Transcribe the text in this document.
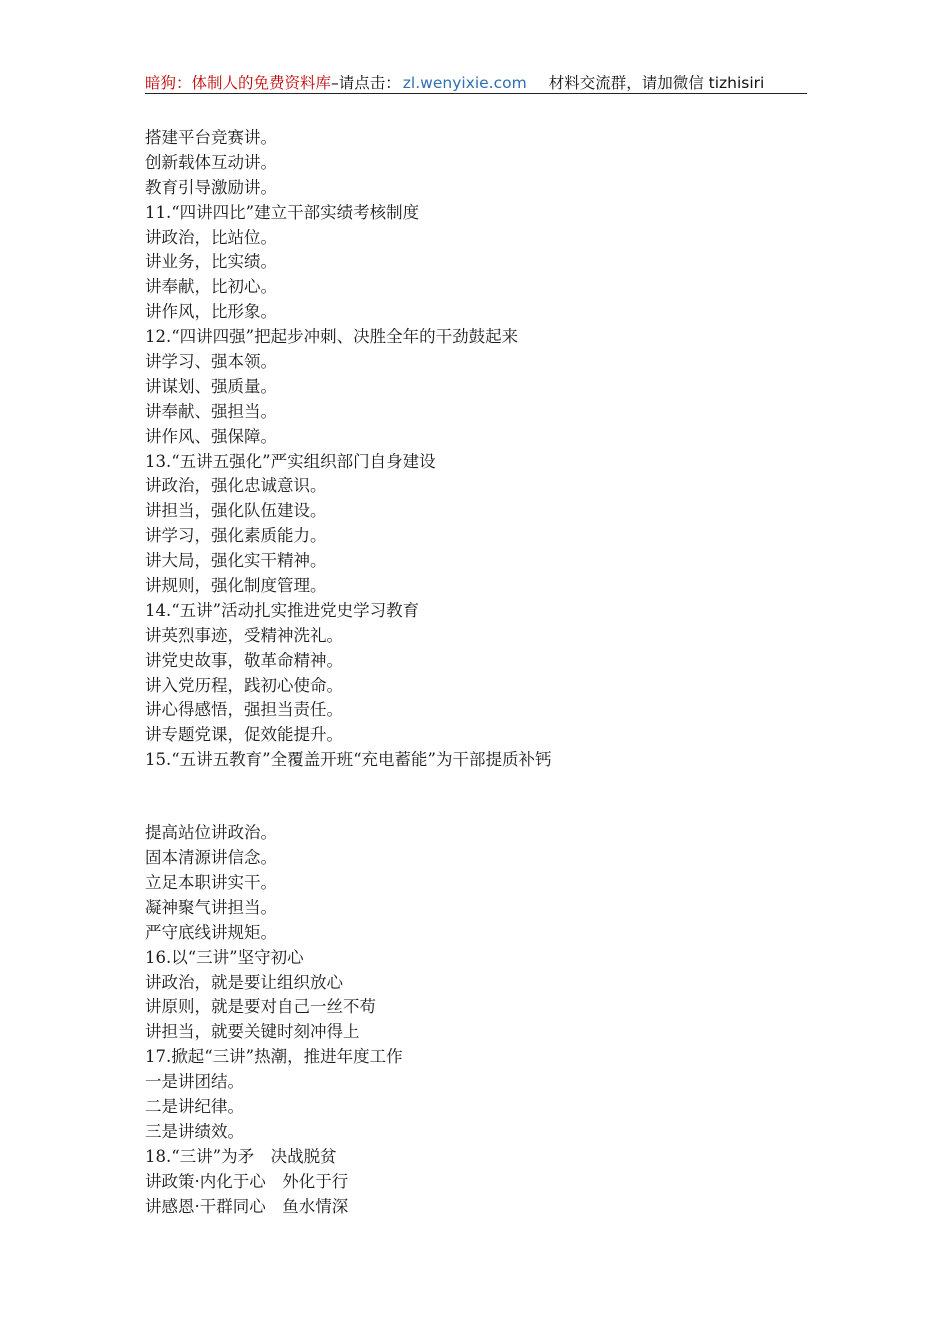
暗狗：体制人的免费资料库–请点击： zl.wenyixie.com 材料交流群，请加微信 tizhisiri
搭建平台竞赛讲。
创新载体互动讲。
教育引导激励讲。
11.“四讲四比”建立干部实绩考核制度
讲政治，比站位。
讲业务，比实绩。
讲奉献，比初心。
讲作风，比形象。
12.“四讲四强”把起步冲刺、决胜全年的干劲鼓起来
讲学习、强本领。
讲谋划、强质量。
讲奉献、强担当。
讲作风、强保障。
13.“五讲五强化”严实组织部门自身建设
讲政治，强化忠诚意识。
讲担当，强化队伍建设。
讲学习，强化素质能力。
讲大局，强化实干精神。
讲规则，强化制度管理。
14.“五讲”活动扎实推进党史学习教育
讲英烈事迹，受精神洗礼。
讲党史故事，敬革命精神。
讲入党历程，践初心使命。
讲心得感悟，强担当责任。
讲专题党课，促效能提升。
15.“五讲五教育”全覆盖开班“充电蓄能”为干部提质补钙
提高站位讲政治。
固本清源讲信念。
立足本职讲实干。
凝神聚气讲担当。
严守底线讲规矩。
16.以“三讲”坚守初心
讲政治，就是要让组织放心
讲原则，就是要对自己一丝不苟
讲担当，就要关键时刻冲得上
17.掀起“三讲”热潮，推进年度工作
一是讲团结。
二是讲纪律。
三是讲绩效。
18.“三讲”为矛　决战脱贫
讲政策·内化于心　外化于行
讲感恩·干群同心　鱼水情深
